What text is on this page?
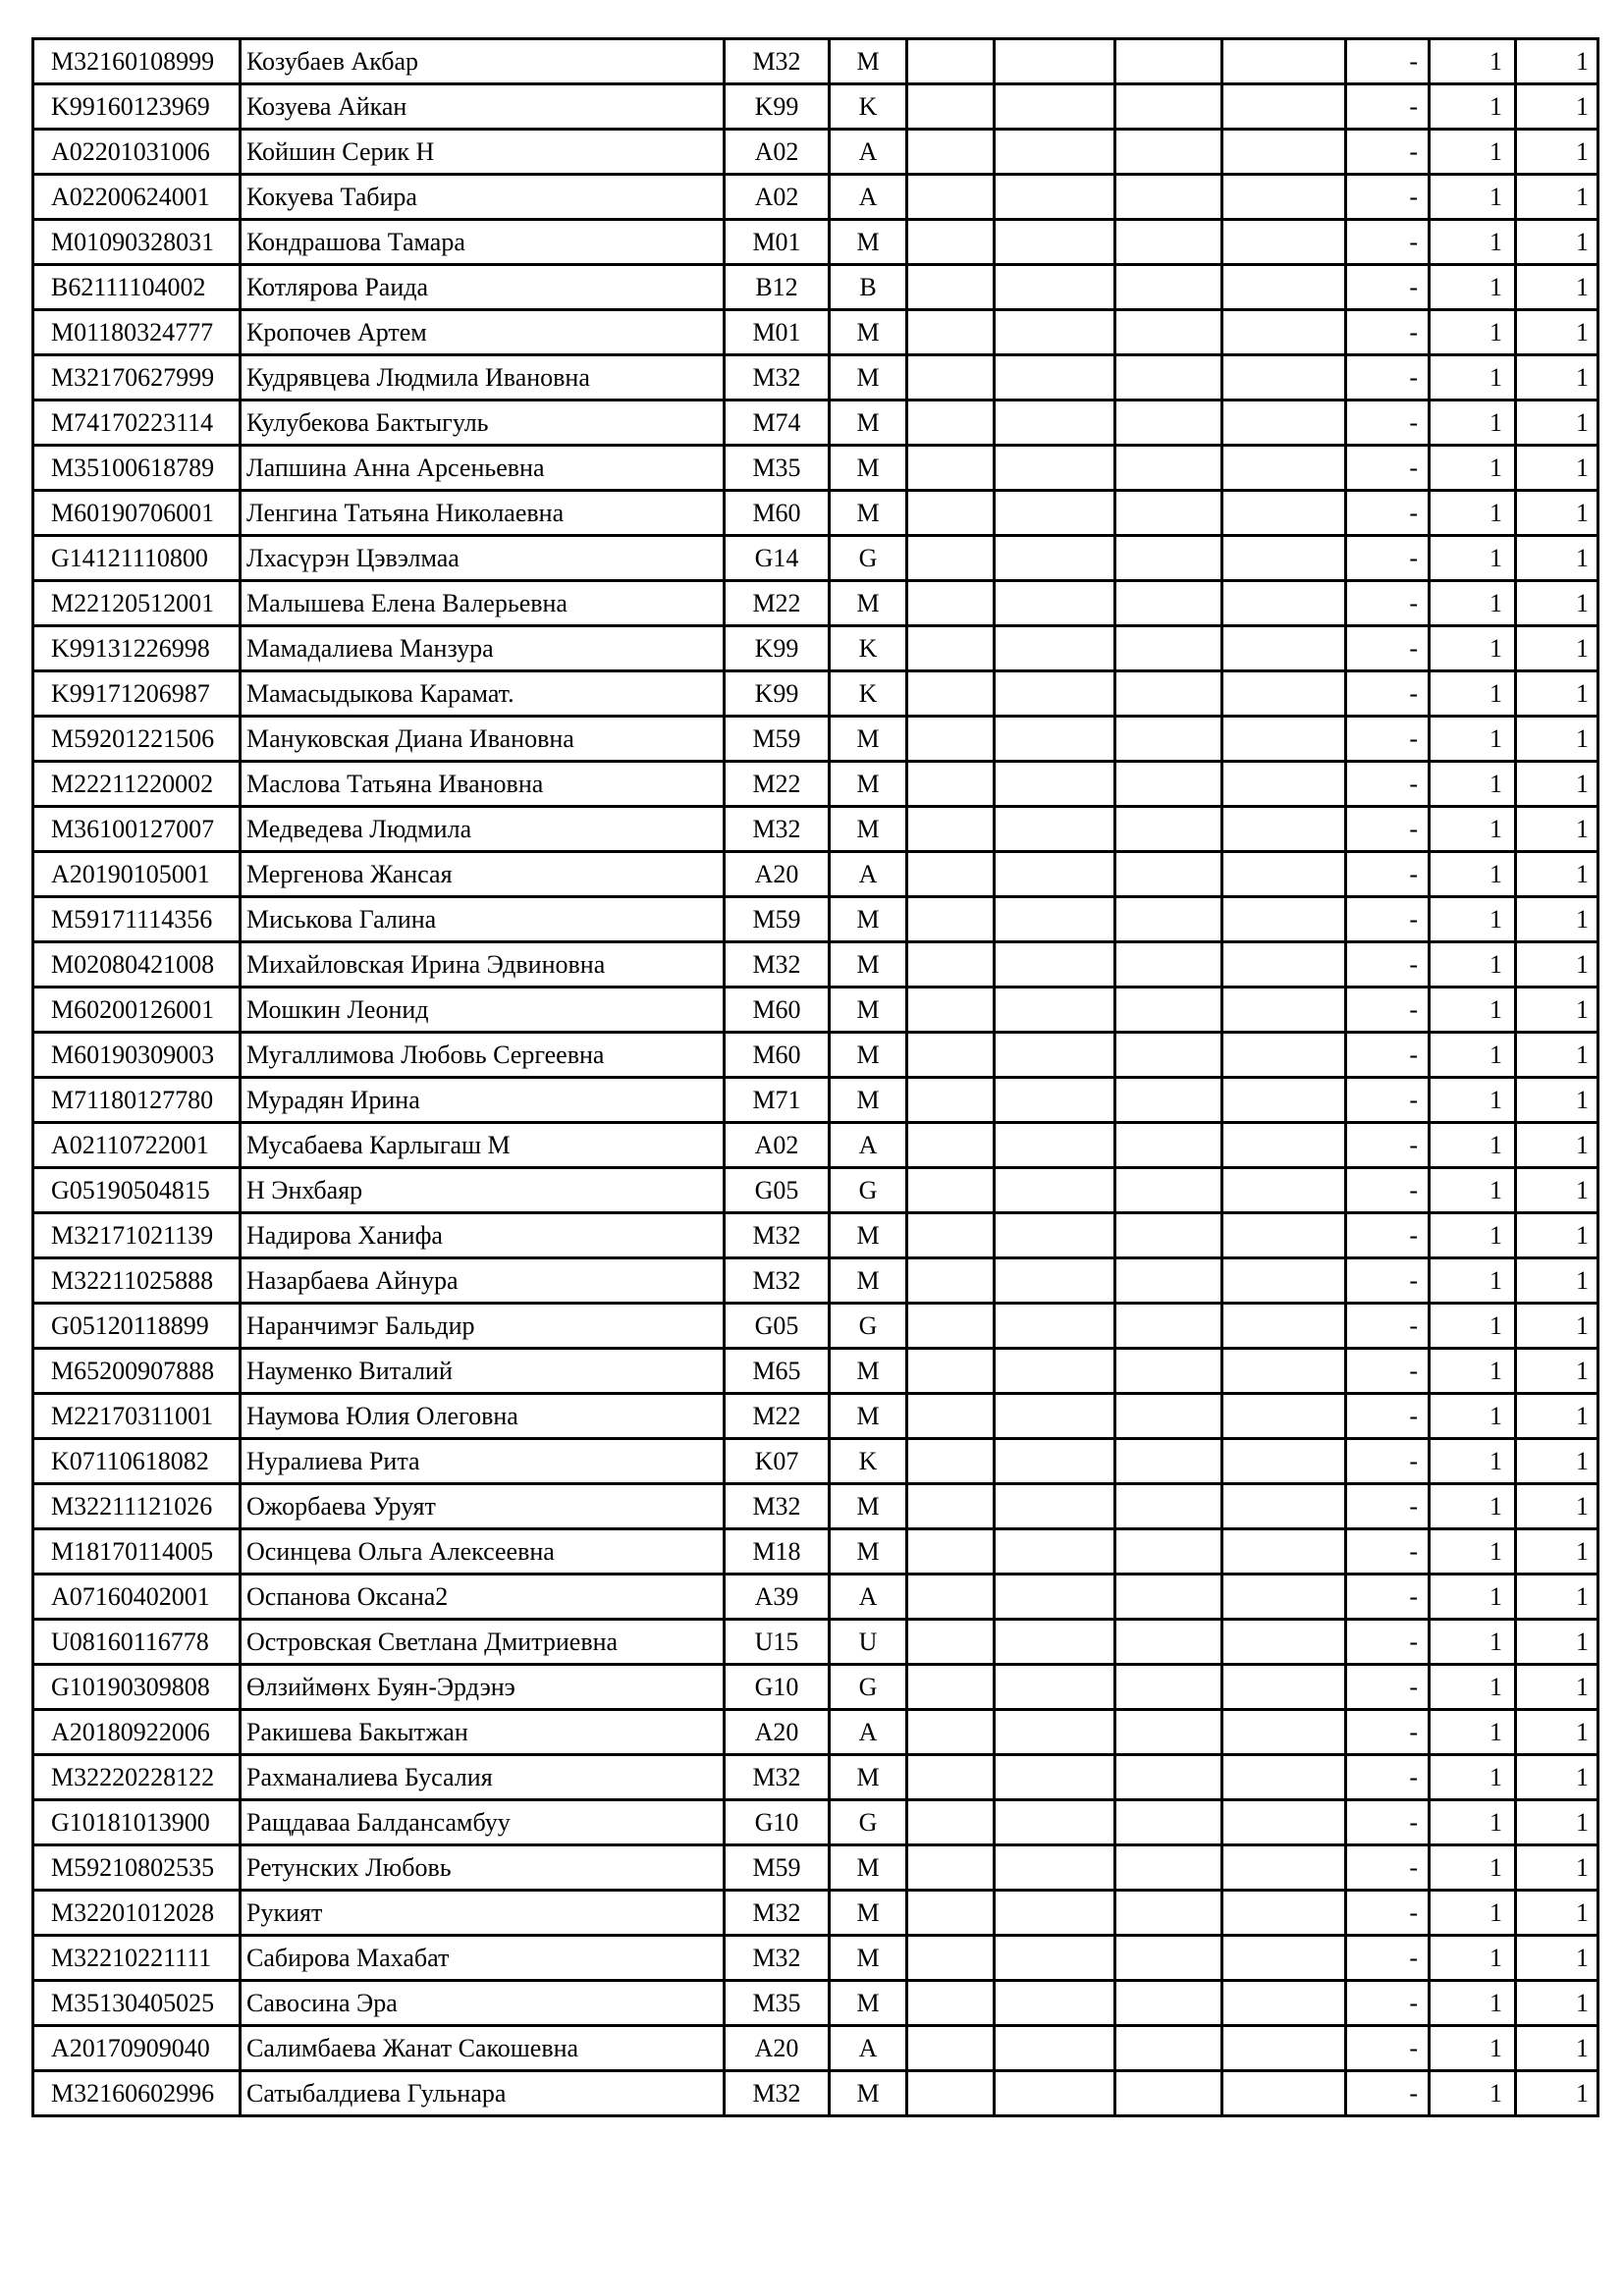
M32160108999	Козубаев Акбар	M32	M					-	1	1
K99160123969	Козуева Айкан	K99	K					-	1	1
A02201031006	Койшин Серик Н	A02	A					-	1	1
A02200624001	Кокуева Табира	A02	A					-	1	1
M01090328031	Кондрашова Тамара	M01	M					-	1	1
B62111104002	Котлярова Раида	B12	B					-	1	1
M01180324777	Кропочев Артем	M01	M					-	1	1
M32170627999	Кудрявцева Людмила Ивановна	M32	M					-	1	1
M74170223114	Кулубекова Бактыгуль	M74	M					-	1	1
M35100618789	Лапшина Анна Арсеньевна	M35	M					-	1	1
M60190706001	Ленгина Татьяна Николаевна	M60	M					-	1	1
G14121110800	Лхасүрэн Цэвэлмаа	G14	G					-	1	1
M22120512001	Малышева Елена Валерьевна	M22	M					-	1	1
K99131226998	Мамадалиева Манзура	K99	K					-	1	1
K99171206987	Мамасыдыкова Карамат.	K99	K					-	1	1
M59201221506	Мануковская Диана Ивановна	M59	M					-	1	1
M22211220002	Маслова Татьяна Ивановна	M22	M					-	1	1
M36100127007	Медведева Людмила	M32	M					-	1	1
A20190105001	Мергенова Жансая	A20	A					-	1	1
M59171114356	Миськова Галина	M59	M					-	1	1
M02080421008	Михайловская Ирина Эдвиновна	M32	M					-	1	1
M60200126001	Мошкин Леонид	M60	M					-	1	1
M60190309003	Мугаллимова Любовь Сергеевна	M60	M					-	1	1
M71180127780	Мурадян Ирина	M71	M					-	1	1
A02110722001	Мусабаева Карлыгаш М	A02	A					-	1	1
G05190504815	Н Энхбаяр	G05	G					-	1	1
M32171021139	Надирова Ханифа	M32	M					-	1	1
M32211025888	Назарбаева Айнура	M32	M					-	1	1
G05120118899	Наранчимэг Бальдир	G05	G					-	1	1
M65200907888	Науменко Виталий	M65	M					-	1	1
M22170311001	Наумова Юлия Олеговна	M22	M					-	1	1
K07110618082	Нуралиева Рита	K07	K					-	1	1
M32211121026	Ожорбаева Уруят	M32	M					-	1	1
M18170114005	Осинцева Ольга Алексеевна	M18	M					-	1	1
A07160402001	Оспанова Оксана2	A39	A					-	1	1
U08160116778	Островская Светлана Дмитриевна	U15	U					-	1	1
G10190309808	Өлзиймөнх Буян-Эрдэнэ	G10	G					-	1	1
A20180922006	Ракишева Бакытжан	A20	A					-	1	1
M32220228122	Рахманалиева Бусалия	M32	M					-	1	1
G10181013900	Ращдаваа Балдансамбуу	G10	G					-	1	1
M59210802535	Ретунских Любовь	M59	M					-	1	1
M32201012028	Рукият	M32	M					-	1	1
M32210221111	Сабирова Махабат	M32	M					-	1	1
M35130405025	Савосина Эра	M35	M					-	1	1
A20170909040	Салимбаева Жанат Сакошевна	A20	A					-	1	1
M32160602996	Сатыбалдиева Гульнара	M32	M					-	1	1
